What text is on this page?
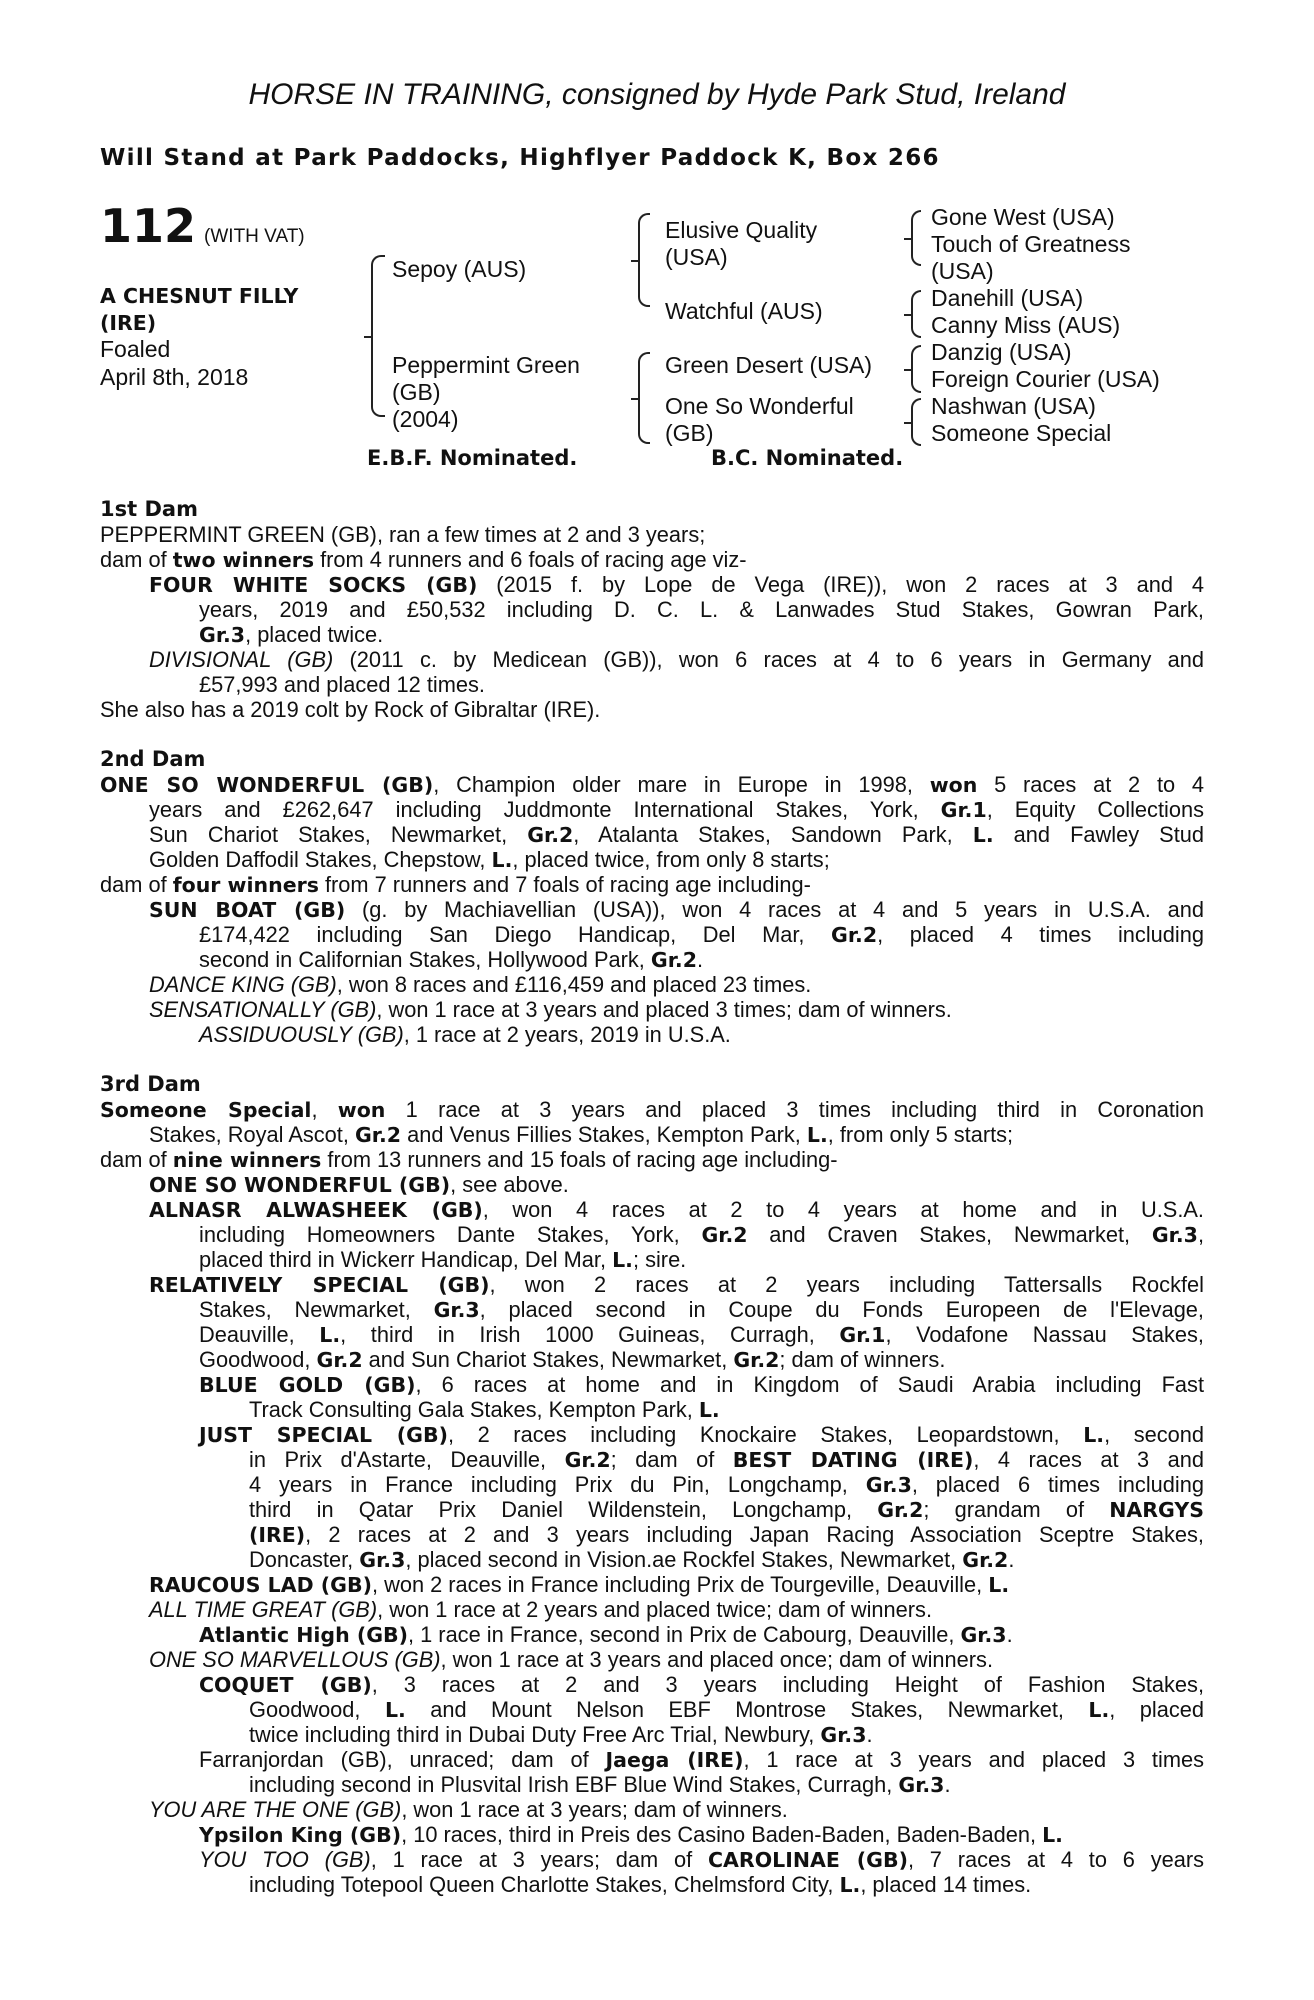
HORSE IN TRAINING, consigned by Hyde Park Stud, Ireland
Will Stand at Park Paddocks, Highflyer Paddock K, Box 266
112 (WITH VAT)
A CHESNUT FILLY
(IRE)
Foaled
April 8th, 2018
Sepoy (AUS)
Peppermint Green
(GB)
(2004)
Elusive Quality
(USA)
Watchful (AUS)
Green Desert (USA)
One So Wonderful
(GB)
Gone West (USA)
Touch of Greatness
(USA)
Danehill (USA)
Canny Miss (AUS)
Danzig (USA)
Foreign Courier (USA)
Nashwan (USA)
Someone Special
E.B.F. Nominated.	B.C. Nominated.
1st Dam
PEPPERMINT GREEN (GB), ran a few times at 2 and 3 years;
dam of two winners from 4 runners and 6 foals of racing age viz-
FOUR WHITE SOCKS (GB) (2015 f. by Lope de Vega (IRE)), won 2 races at 3 and 4
years, 2019 and £50,532 including D. C. L. & Lanwades Stud Stakes, Gowran Park,
Gr.3, placed twice.
DIVISIONAL (GB) (2011 c. by Medicean (GB)), won 6 races at 4 to 6 years in Germany and
£57,993 and placed 12 times.
She also has a 2019 colt by Rock of Gibraltar (IRE).
2nd Dam
ONE SO WONDERFUL (GB), Champion older mare in Europe in 1998, won 5 races at 2 to 4
years and £262,647 including Juddmonte International Stakes, York, Gr.1, Equity Collections
Sun Chariot Stakes, Newmarket, Gr.2, Atalanta Stakes, Sandown Park, L. and Fawley Stud
Golden Daffodil Stakes, Chepstow, L., placed twice, from only 8 starts;
dam of four winners from 7 runners and 7 foals of racing age including-
SUN BOAT (GB) (g. by Machiavellian (USA)), won 4 races at 4 and 5 years in U.S.A. and
£174,422 including San Diego Handicap, Del Mar, Gr.2, placed 4 times including
second in Californian Stakes, Hollywood Park, Gr.2.
DANCE KING (GB), won 8 races and £116,459 and placed 23 times.
SENSATIONALLY (GB), won 1 race at 3 years and placed 3 times; dam of winners.
ASSIDUOUSLY (GB), 1 race at 2 years, 2019 in U.S.A.
3rd Dam
Someone Special, won 1 race at 3 years and placed 3 times including third in Coronation
Stakes, Royal Ascot, Gr.2 and Venus Fillies Stakes, Kempton Park, L., from only 5 starts;
dam of nine winners from 13 runners and 15 foals of racing age including-
ONE SO WONDERFUL (GB), see above.
ALNASR ALWASHEEK (GB), won 4 races at 2 to 4 years at home and in U.S.A.
including Homeowners Dante Stakes, York, Gr.2 and Craven Stakes, Newmarket, Gr.3,
placed third in Wickerr Handicap, Del Mar, L.; sire.
RELATIVELY SPECIAL (GB), won 2 races at 2 years including Tattersalls Rockfel
Stakes, Newmarket, Gr.3, placed second in Coupe du Fonds Europeen de l'Elevage,
Deauville, L., third in Irish 1000 Guineas, Curragh, Gr.1, Vodafone Nassau Stakes,
Goodwood, Gr.2 and Sun Chariot Stakes, Newmarket, Gr.2; dam of winners.
BLUE GOLD (GB), 6 races at home and in Kingdom of Saudi Arabia including Fast
Track Consulting Gala Stakes, Kempton Park, L.
JUST SPECIAL (GB), 2 races including Knockaire Stakes, Leopardstown, L., second
in Prix d'Astarte, Deauville, Gr.2; dam of BEST DATING (IRE), 4 races at 3 and
4 years in France including Prix du Pin, Longchamp, Gr.3, placed 6 times including
third in Qatar Prix Daniel Wildenstein, Longchamp, Gr.2; grandam of NARGYS
(IRE), 2 races at 2 and 3 years including Japan Racing Association Sceptre Stakes,
Doncaster, Gr.3, placed second in Vision.ae Rockfel Stakes, Newmarket, Gr.2.
RAUCOUS LAD (GB), won 2 races in France including Prix de Tourgeville, Deauville, L.
ALL TIME GREAT (GB), won 1 race at 2 years and placed twice; dam of winners.
Atlantic High (GB), 1 race in France, second in Prix de Cabourg, Deauville, Gr.3.
ONE SO MARVELLOUS (GB), won 1 race at 3 years and placed once; dam of winners.
COQUET (GB), 3 races at 2 and 3 years including Height of Fashion Stakes,
Goodwood, L. and Mount Nelson EBF Montrose Stakes, Newmarket, L., placed
twice including third in Dubai Duty Free Arc Trial, Newbury, Gr.3.
Farranjordan (GB), unraced; dam of Jaega (IRE), 1 race at 3 years and placed 3 times
including second in Plusvital Irish EBF Blue Wind Stakes, Curragh, Gr.3.
YOU ARE THE ONE (GB), won 1 race at 3 years; dam of winners.
Ypsilon King (GB), 10 races, third in Preis des Casino Baden-Baden, Baden-Baden, L.
YOU TOO (GB), 1 race at 3 years; dam of CAROLINAE (GB), 7 races at 4 to 6 years
including Totepool Queen Charlotte Stakes, Chelmsford City, L., placed 14 times.
